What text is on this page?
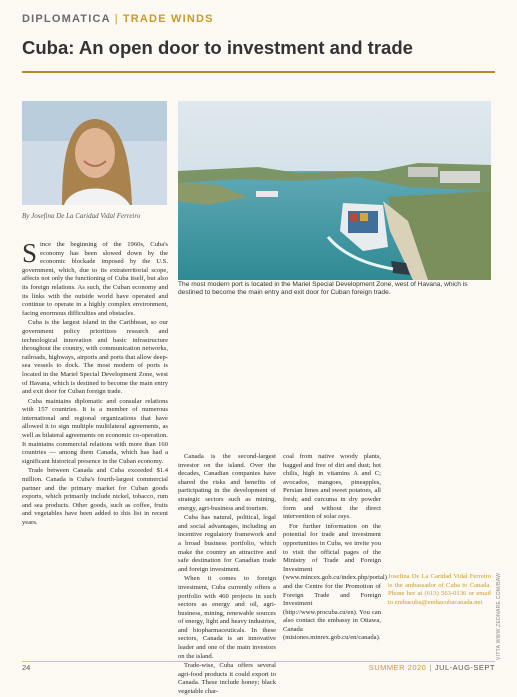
DIPLOMATICA | TRADE WINDS
Cuba: An open door to investment and trade
By Josefina De La Caridad Vidal Ferreiro
The most modern port is located in the Mariel Special Development Zone, west of Havana, which is destined to become the main entry and exit door for Cuban foreign trade.

Since the beginning of the 1960s, Cuba's economy has been slowed down by the economic blockade imposed by the U.S. government, which, due to its extraterritorial scope, affects not only the functioning of Cuba itself, but also its foreign relations. As such, the Cuban economy and its links with the outside world have operated and continue to operate in a highly complex environment, facing enormous difficulties and obstacles.

Cuba is the largest island in the Caribbean, so our government policy prioritizes research and technological innovation and basic infrastructure throughout the country, with communication networks, railroads, highways, airports and ports that allow deep-sea vessels to dock. The most modern of ports is located in the Mariel Special Development Zone, west of Havana, which is destined to become the main entry and exit door for Cuban foreign trade.

Cuba maintains diplomatic and consular relations with 157 countries. It is a member of numerous international and regional organizations that have allowed it to sign multiple multilateral agreements, as well as bilateral agreements on economic co-operation. It maintains commercial relations with more than 160 countries — among them Canada, which has had a significant historical presence in the Cuban economy.

Trade between Canada and Cuba exceeded $1.4 million. Canada is Cuba's fourth-largest commercial partner and the primary market for Cuban goods exports, which primarily include nickel, tobacco, rum and sea products. Other goods, such as coffee, fruits and vegetables have been added to this list in recent years.

Canada is the second-largest investor on the island. Over the decades, Canadian companies have shared the risks and benefits of participating in the development of strategic sectors such as mining, energy, agri-business and tourism.

Cuba has natural, political, legal and social advantages, including an incentive regulatory framework and a broad business portfolio, which make the country an attractive and safe destination for Canadian trade and foreign investment.

When it comes to foreign investment, Cuba currently offers a portfolio with 460 projects in such sectors as energy and oil, agri-business, mining, renewable sources of energy, light and heavy industries, and biopharmaceuticals. In these sectors, Canada is an innovative leader and one of the main investors on the island.

Trade-wise, Cuba offers several agri-food products it could export to Canada. These include honey; black vegetable char-

coal from native woody plants, bagged and free of dirt and dust; hot chilis, high in vitamins A and C; avocados, mangoes, pineapples, Persian limes and sweet potatoes, all fresh; and curcuma in dry powder form and without the direct intervention of solar rays.

For further information on the potential for trade and investment opportunities in Cuba, we invite you to visit the official pages of the Ministry of Trade and Foreign Investment (www.mincex.gob.cu/index.php/portal) and the Centre for the Promotion of Foreign Trade and Foreign Investment (http://www.procuba.cu/en). You can also contact the embassy in Ottawa, Canada (misiones.minrex.gob.cu/en/canada).

Josefina De La Caridad Vidal Ferreiro is the ambassador of Cuba to Canada. Phone her at (613) 563-0136 or email to embacuba@embacubacanada.net	VITTA WWW.ZEDNARE.COM/BAW
24	SUMMER 2020 | JUL-AUG-SEPT
